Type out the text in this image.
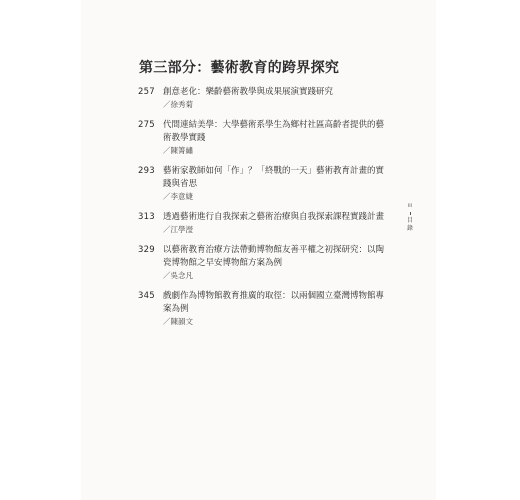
第三部分：藝術教育的跨界探究
257 創意老化：樂齡藝術教學與成果展演實踐研究
／徐秀菊
275 代間連結美學：大學藝術系學生為鄉村社區高齡者提供的藝術教學實踐
／陳箐繡
293 藝術家教師如何「作」？「終戰的一天」藝術教育計畫的實踐與省思
／李意婕
313 透過藝術進行自我探索之藝術治療與自我探索課程實踐計畫
／江學瀅
329 以藝術教育治療方法帶動博物館友善平權之初探研究：以陶瓷博物館之早安博物館方案為例
／吳念凡
345 戲劇作為博物館教育推廣的取徑：以兩個國立臺灣博物館專案為例
／陳韻文
iii
目
錄
